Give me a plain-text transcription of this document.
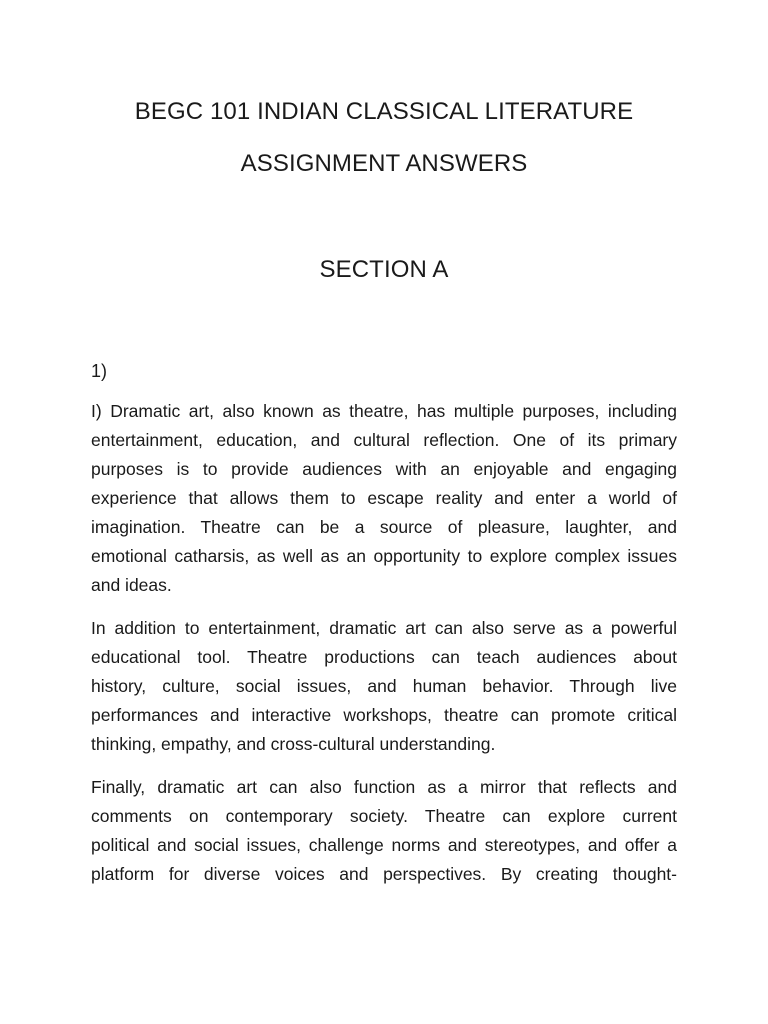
BEGC 101 INDIAN CLASSICAL LITERATURE
ASSIGNMENT ANSWERS
SECTION A
1)
I) Dramatic art, also known as theatre, has multiple purposes, including
entertainment, education, and cultural reflection. One of its primary
purposes is to provide audiences with an enjoyable and engaging
experience that allows them to escape reality and enter a world of
imagination. Theatre can be a source of pleasure, laughter, and
emotional catharsis, as well as an opportunity to explore complex issues
and ideas.
In addition to entertainment, dramatic art can also serve as a powerful
educational tool. Theatre productions can teach audiences about
history, culture, social issues, and human behavior. Through live
performances and interactive workshops, theatre can promote critical
thinking, empathy, and cross-cultural understanding.
Finally, dramatic art can also function as a mirror that reflects and
comments on contemporary society. Theatre can explore current
political and social issues, challenge norms and stereotypes, and offer a
platform for diverse voices and perspectives. By creating thought-
